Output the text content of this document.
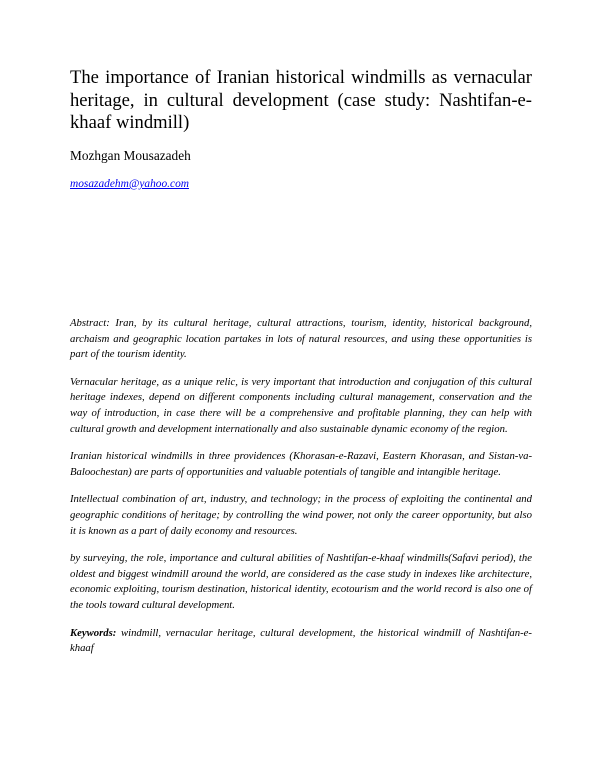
The importance of Iranian historical windmills as vernacular heritage, in cultural development (case study: Nashtifan-e-khaaf windmill)

Mozhgan Mousazadeh

mosazadehm@yahoo.com

Abstract: Iran, by its cultural heritage, cultural attractions, tourism, identity, historical background, archaism and geographic location partakes in lots of natural resources, and using these opportunities is part of the tourism identity.

Vernacular heritage, as a unique relic, is very important that introduction and conjugation of this cultural heritage indexes, depend on different components including cultural management, conservation and the way of introduction, in case there will be a comprehensive and profitable planning, they can help with cultural growth and development internationally and also sustainable dynamic economy of the region.

Iranian historical windmills in three providences (Khorasan-e-Razavi, Eastern Khorasan, and Sistan-va-Baloochestan) are parts of opportunities and valuable potentials of tangible and intangible heritage.

Intellectual combination of art, industry, and technology; in the process of exploiting the continental and geographic conditions of heritage; by controlling the wind power, not only the career opportunity, but also it is known as a part of daily economy and resources.

by surveying, the role, importance and cultural abilities of Nashtifan-e-khaaf windmills(Safavi period), the oldest and biggest windmill around the world, are considered as the case study in indexes like architecture, economic exploiting, tourism destination, historical identity, ecotourism and the world record is also one of the tools toward cultural development.

Keywords: windmill, vernacular heritage, cultural development, the historical windmill of Nashtifan-e-khaaf
